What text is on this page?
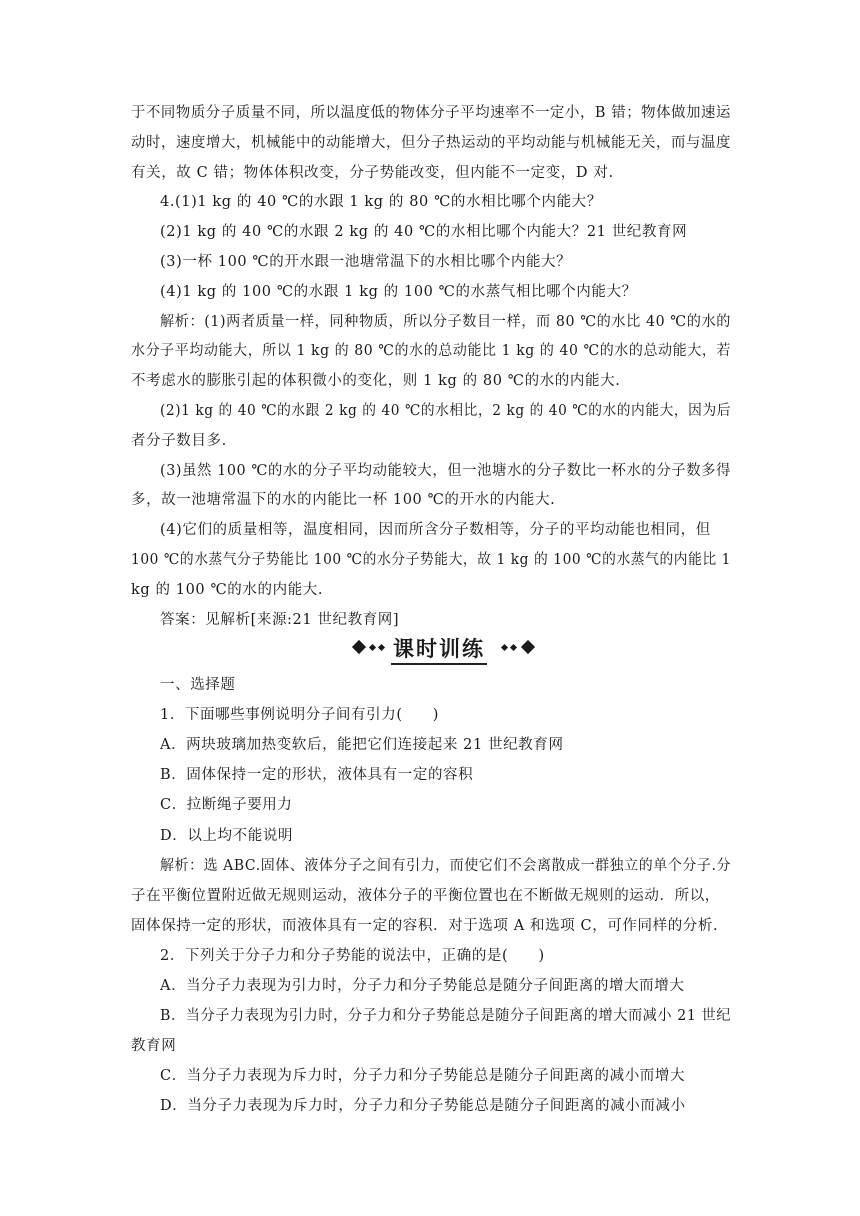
于不同物质分子质量不同，所以温度低的物体分子平均速率不一定小，B 错；物体做加速运
动时，速度增大，机械能中的动能增大，但分子热运动的平均动能与机械能无关，而与温度
有关，故 C 错；物体体积改变，分子势能改变，但内能不一定变，D 对.
4.(1)1 kg 的 40 ℃的水跟 1 kg 的 80 ℃的水相比哪个内能大？
(2)1 kg 的 40 ℃的水跟 2 kg 的 40 ℃的水相比哪个内能大？21 世纪教育网
(3)一杯 100 ℃的开水跟一池塘常温下的水相比哪个内能大？
(4)1 kg 的 100 ℃的水跟 1 kg 的 100 ℃的水蒸气相比哪个内能大？
解析：(1)两者质量一样，同种物质，所以分子数目一样，而 80 ℃的水比 40 ℃的水的
水分子平均动能大，所以 1 kg 的 80 ℃的水的总动能比 1 kg 的 40 ℃的水的总动能大，若
不考虑水的膨胀引起的体积微小的变化，则 1 kg 的 80 ℃的水的内能大.
(2)1 kg 的 40 ℃的水跟 2 kg 的 40 ℃的水相比，2 kg 的 40 ℃的水的内能大，因为后
者分子数目多.
(3)虽然 100 ℃的水的分子平均动能较大，但一池塘水的分子数比一杯水的分子数多得
多，故一池塘常温下的水的内能比一杯 100 ℃的开水的内能大.
(4)它们的质量相等，温度相同，因而所含分子数相等，分子的平均动能也相同，但
100 ℃的水蒸气分子势能比 100 ℃的水分子势能大，故 1 kg 的 100 ℃的水蒸气的内能比 1
kg 的 100 ℃的水的内能大.
答案：见解析[来源:21 世纪教育网]
课时训练
一、选择题
1．下面哪些事例说明分子间有引力(　　)
A．两块玻璃加热变软后，能把它们连接起来 21 世纪教育网
B．固体保持一定的形状，液体具有一定的容积
C．拉断绳子要用力
D．以上均不能说明
解析：选 ABC.固体、液体分子之间有引力，而使它们不会离散成一群独立的单个分子.分
子在平衡位置附近做无规则运动，液体分子的平衡位置也在不断做无规则的运动．所以，
固体保持一定的形状，而液体具有一定的容积．对于选项 A 和选项 C，可作同样的分析.
2．下列关于分子力和分子势能的说法中，正确的是(　　)
A．当分子力表现为引力时，分子力和分子势能总是随分子间距离的增大而增大
B．当分子力表现为引力时，分子力和分子势能总是随分子间距离的增大而减小 21 世纪
教育网
C．当分子力表现为斥力时，分子力和分子势能总是随分子间距离的减小而增大
D．当分子力表现为斥力时，分子力和分子势能总是随分子间距离的减小而减小
